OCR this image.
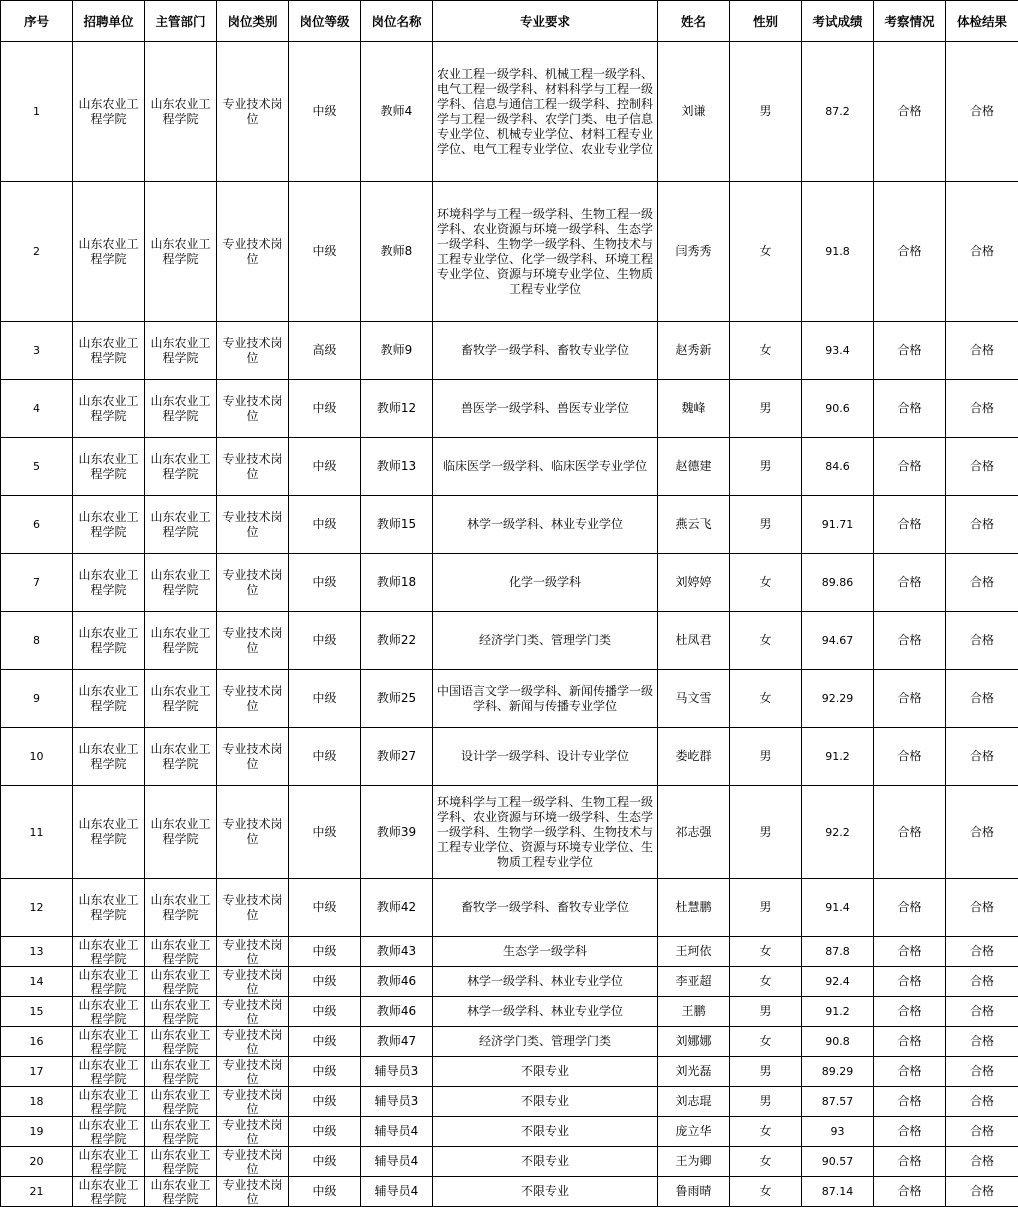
序号	招聘单位	主管部门	岗位类别	岗位等级	岗位名称	专业要求	姓名	性别	考试成绩	考察情况	体检结果

1	山东农业工程学院	山东农业工程学院	专业技术岗位	中级	教师4	农业工程一级学科、机械工程一级学科、电气工程一级学科、材料科学与工程一级学科、信息与通信工程一级学科、控制科学与工程一级学科、农学门类、电子信息专业学位、机械专业学位、材料工程专业学位、电气工程专业学位、农业专业学位	刘谦	男	87.2	合格	合格

2	山东农业工程学院	山东农业工程学院	专业技术岗位	中级	教师8	环境科学与工程一级学科、生物工程一级学科、农业资源与环境一级学科、生态学一级学科、生物学一级学科、生物技术与工程专业学位、化学一级学科、环境工程专业学位、资源与环境专业学位、生物质工程专业学位	闫秀秀	女	91.8	合格	合格

3	山东农业工程学院	山东农业工程学院	专业技术岗位	高级	教师9	畜牧学一级学科、畜牧专业学位	赵秀新	女	93.4	合格	合格

4	山东农业工程学院	山东农业工程学院	专业技术岗位	中级	教师12	兽医学一级学科、兽医专业学位	魏峰	男	90.6	合格	合格

5	山东农业工程学院	山东农业工程学院	专业技术岗位	中级	教师13	临床医学一级学科、临床医学专业学位	赵德建	男	84.6	合格	合格

6	山东农业工程学院	山东农业工程学院	专业技术岗位	中级	教师15	林学一级学科、林业专业学位	燕云飞	男	91.71	合格	合格

7	山东农业工程学院	山东农业工程学院	专业技术岗位	中级	教师18	化学一级学科	刘婷婷	女	89.86	合格	合格

8	山东农业工程学院	山东农业工程学院	专业技术岗位	中级	教师22	经济学门类、管理学门类	杜凤君	女	94.67	合格	合格

9	山东农业工程学院	山东农业工程学院	专业技术岗位	中级	教师25	中国语言文学一级学科、新闻传播学一级学科、新闻与传播专业学位	马文雪	女	92.29	合格	合格

10	山东农业工程学院	山东农业工程学院	专业技术岗位	中级	教师27	设计学一级学科、设计专业学位	娄屹群	男	91.2	合格	合格

11	山东农业工程学院	山东农业工程学院	专业技术岗位	中级	教师39	环境科学与工程一级学科、生物工程一级学科、农业资源与环境一级学科、生态学一级学科、生物学一级学科、生物技术与工程专业学位、资源与环境专业学位、生物质工程专业学位	祁志强	男	92.2	合格	合格

12	山东农业工程学院	山东农业工程学院	专业技术岗位	中级	教师42	畜牧学一级学科、畜牧专业学位	杜慧鹏	男	91.4	合格	合格

13	山东农业工程学院	山东农业工程学院	专业技术岗位	中级	教师43	生态学一级学科	王珂依	女	87.8	合格	合格

14	山东农业工程学院	山东农业工程学院	专业技术岗位	中级	教师46	林学一级学科、林业专业学位	李亚超	女	92.4	合格	合格

15	山东农业工程学院	山东农业工程学院	专业技术岗位	中级	教师46	林学一级学科、林业专业学位	王鹏	男	91.2	合格	合格

16	山东农业工程学院	山东农业工程学院	专业技术岗位	中级	教师47	经济学门类、管理学门类	刘娜娜	女	90.8	合格	合格

17	山东农业工程学院	山东农业工程学院	专业技术岗位	中级	辅导员3	不限专业	刘光磊	男	89.29	合格	合格

18	山东农业工程学院	山东农业工程学院	专业技术岗位	中级	辅导员3	不限专业	刘志琨	男	87.57	合格	合格

19	山东农业工程学院	山东农业工程学院	专业技术岗位	中级	辅导员4	不限专业	庞立华	女	93	合格	合格

20	山东农业工程学院	山东农业工程学院	专业技术岗位	中级	辅导员4	不限专业	王为卿	女	90.57	合格	合格

21	山东农业工程学院	山东农业工程学院	专业技术岗位	中级	辅导员4	不限专业	鲁雨晴	女	87.14	合格	合格
